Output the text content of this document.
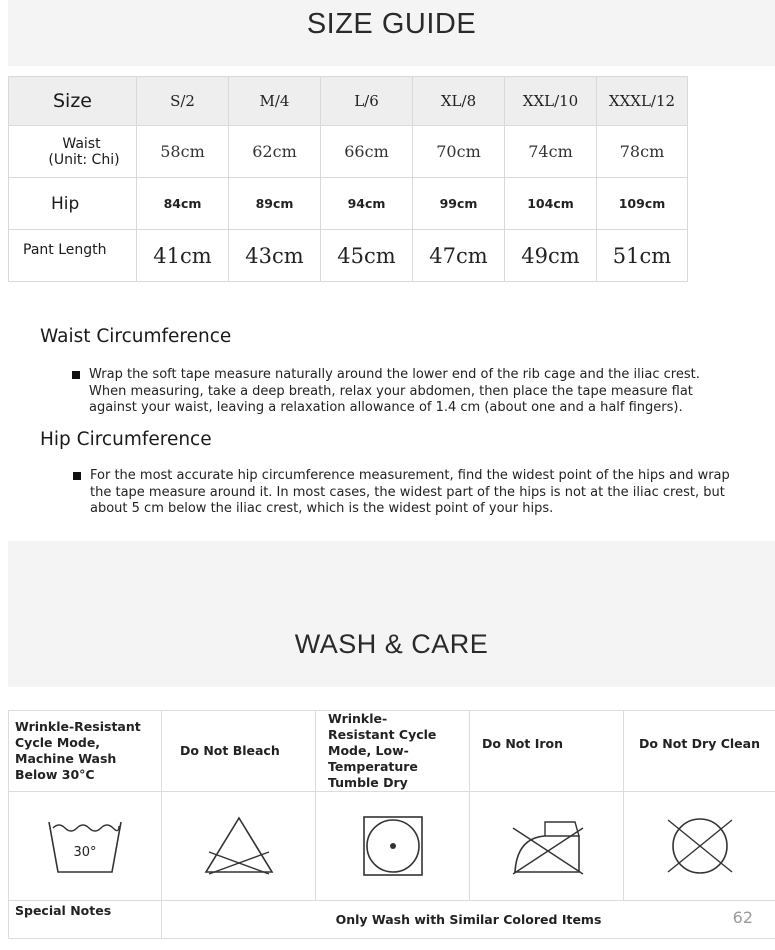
SIZE GUIDE
Size	S/2	M/4	L/6	XL/8	XXL/10	XXXL/12

Waist
(Unit: Chi)	58cm	62cm	66cm	70cm	74cm	78cm
Hip	84cm	89cm	94cm	99cm	104cm	109cm
Pant Length	41cm	43cm	45cm	47cm	49cm	51cm
Waist Circumference
Wrap the soft tape measure naturally around the lower end of the rib cage and the iliac crest. When measuring, take a deep breath, relax your abdomen, then place the tape measure flat against your waist, leaving a relaxation allowance of 1.4 cm (about one and a half fingers).
Hip Circumference
For the most accurate hip circumference measurement, find the widest point of the hips and wrap the tape measure around it. In most cases, the widest part of the hips is not at the iliac crest, but about 5 cm below the iliac crest, which is the widest point of your hips.
WASH & CARE
Wrinkle-Resistant Cycle Mode, Machine Wash Below 30°C	Do Not Bleach	Wrinkle-Resistant Cycle Mode, Low-Temperature Tumble Dry	Do Not Iron	Do Not Dry Clean

30°

Special Notes	Only Wash with Similar Colored Items				62
